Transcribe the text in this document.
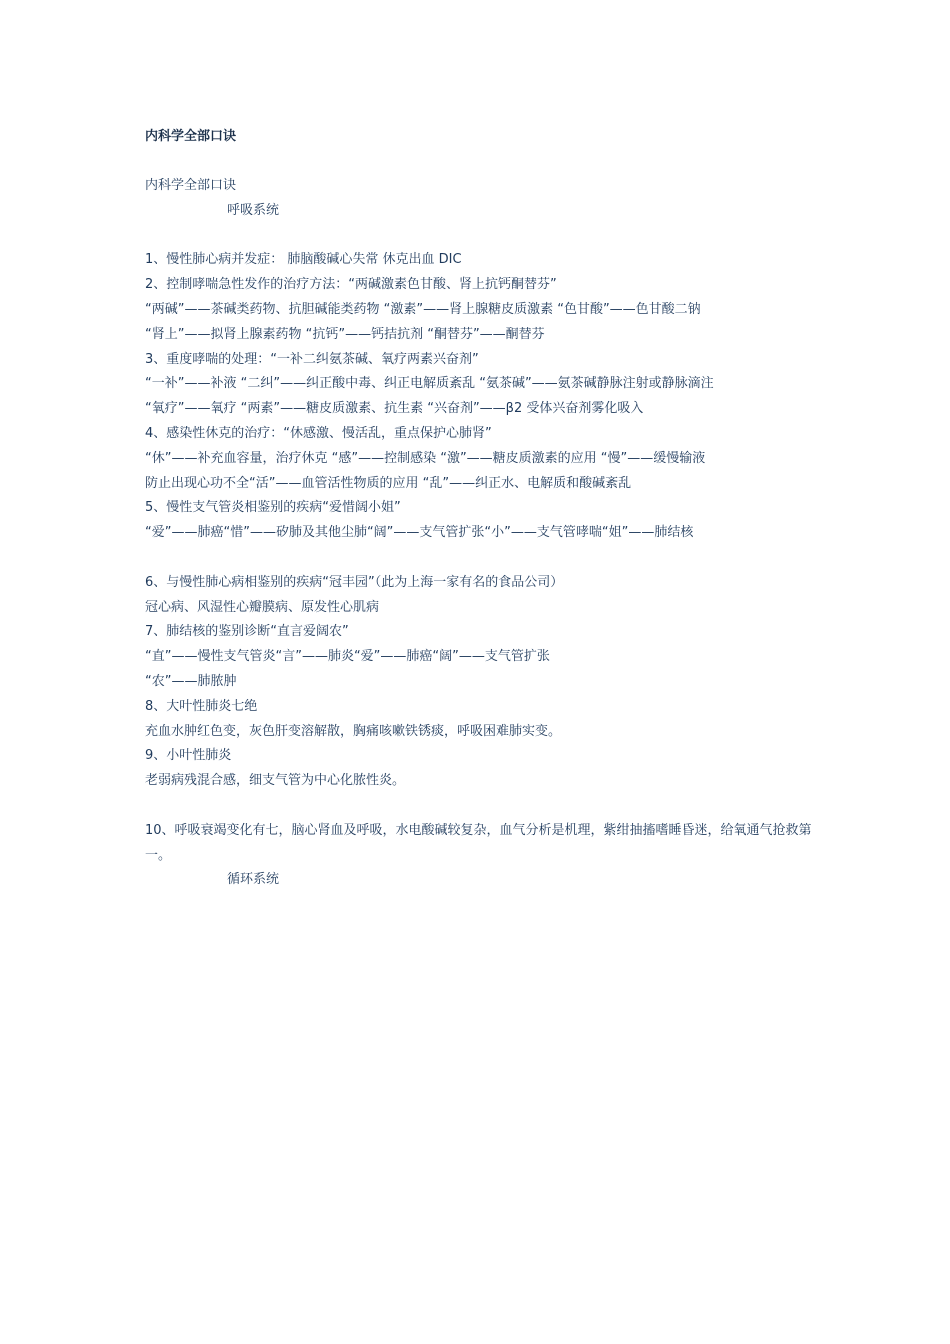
内科学全部口诀

内科学全部口诀

呼吸系统

1、慢性肺心病并发症： 肺脑酸碱心失常 休克出血 DIC

2、控制哮喘急性发作的治疗方法：“两碱激素色甘酸、肾上抗钙酮替芬”

“两碱”——茶碱类药物、抗胆碱能类药物 “激素”——肾上腺糖皮质激素 “色甘酸”——色甘酸二钠

“肾上”——拟肾上腺素药物 “抗钙”——钙拮抗剂 “酮替芬”——酮替芬

3、重度哮喘的处理：“一补二纠氨茶碱、氧疗两素兴奋剂”

“一补”——补液 “二纠”——纠正酸中毒、纠正电解质紊乱 “氨茶碱”——氨茶碱静脉注射或静脉滴注

“氧疗”——氧疗 “两素”——糖皮质激素、抗生素 “兴奋剂”——β2 受体兴奋剂雾化吸入

4、感染性休克的治疗：“休感激、慢活乱，重点保护心肺肾”

“休”——补充血容量，治疗休克 “感”——控制感染 “激”——糖皮质激素的应用 “慢”——缓慢输液

防止出现心功不全“活”——血管活性物质的应用 “乱”——纠正水、电解质和酸碱紊乱

5、慢性支气管炎相鉴别的疾病“爱惜阔小姐”

“爱”——肺癌“惜”——矽肺及其他尘肺“阔”——支气管扩张“小”——支气管哮喘“姐”——肺结核

6、与慢性肺心病相鉴别的疾病“冠丰园”（此为上海一家有名的食品公司）

冠心病、风湿性心瓣膜病、原发性心肌病

7、肺结核的鉴别诊断“直言爱阔农”

“直”——慢性支气管炎“言”——肺炎“爱”——肺癌“阔”——支气管扩张

“农”——肺脓肿

8、大叶性肺炎七绝

充血水肿红色变，灰色肝变溶解散，胸痛咳嗽铁锈痰，呼吸困难肺实变。

9、小叶性肺炎

老弱病残混合感，细支气管为中心化脓性炎。

10、呼吸衰竭变化有七，脑心肾血及呼吸，水电酸碱较复杂，血气分析是机理，紫绀抽搐嗜睡昏迷，给氧通气抢救第一。

循环系统
